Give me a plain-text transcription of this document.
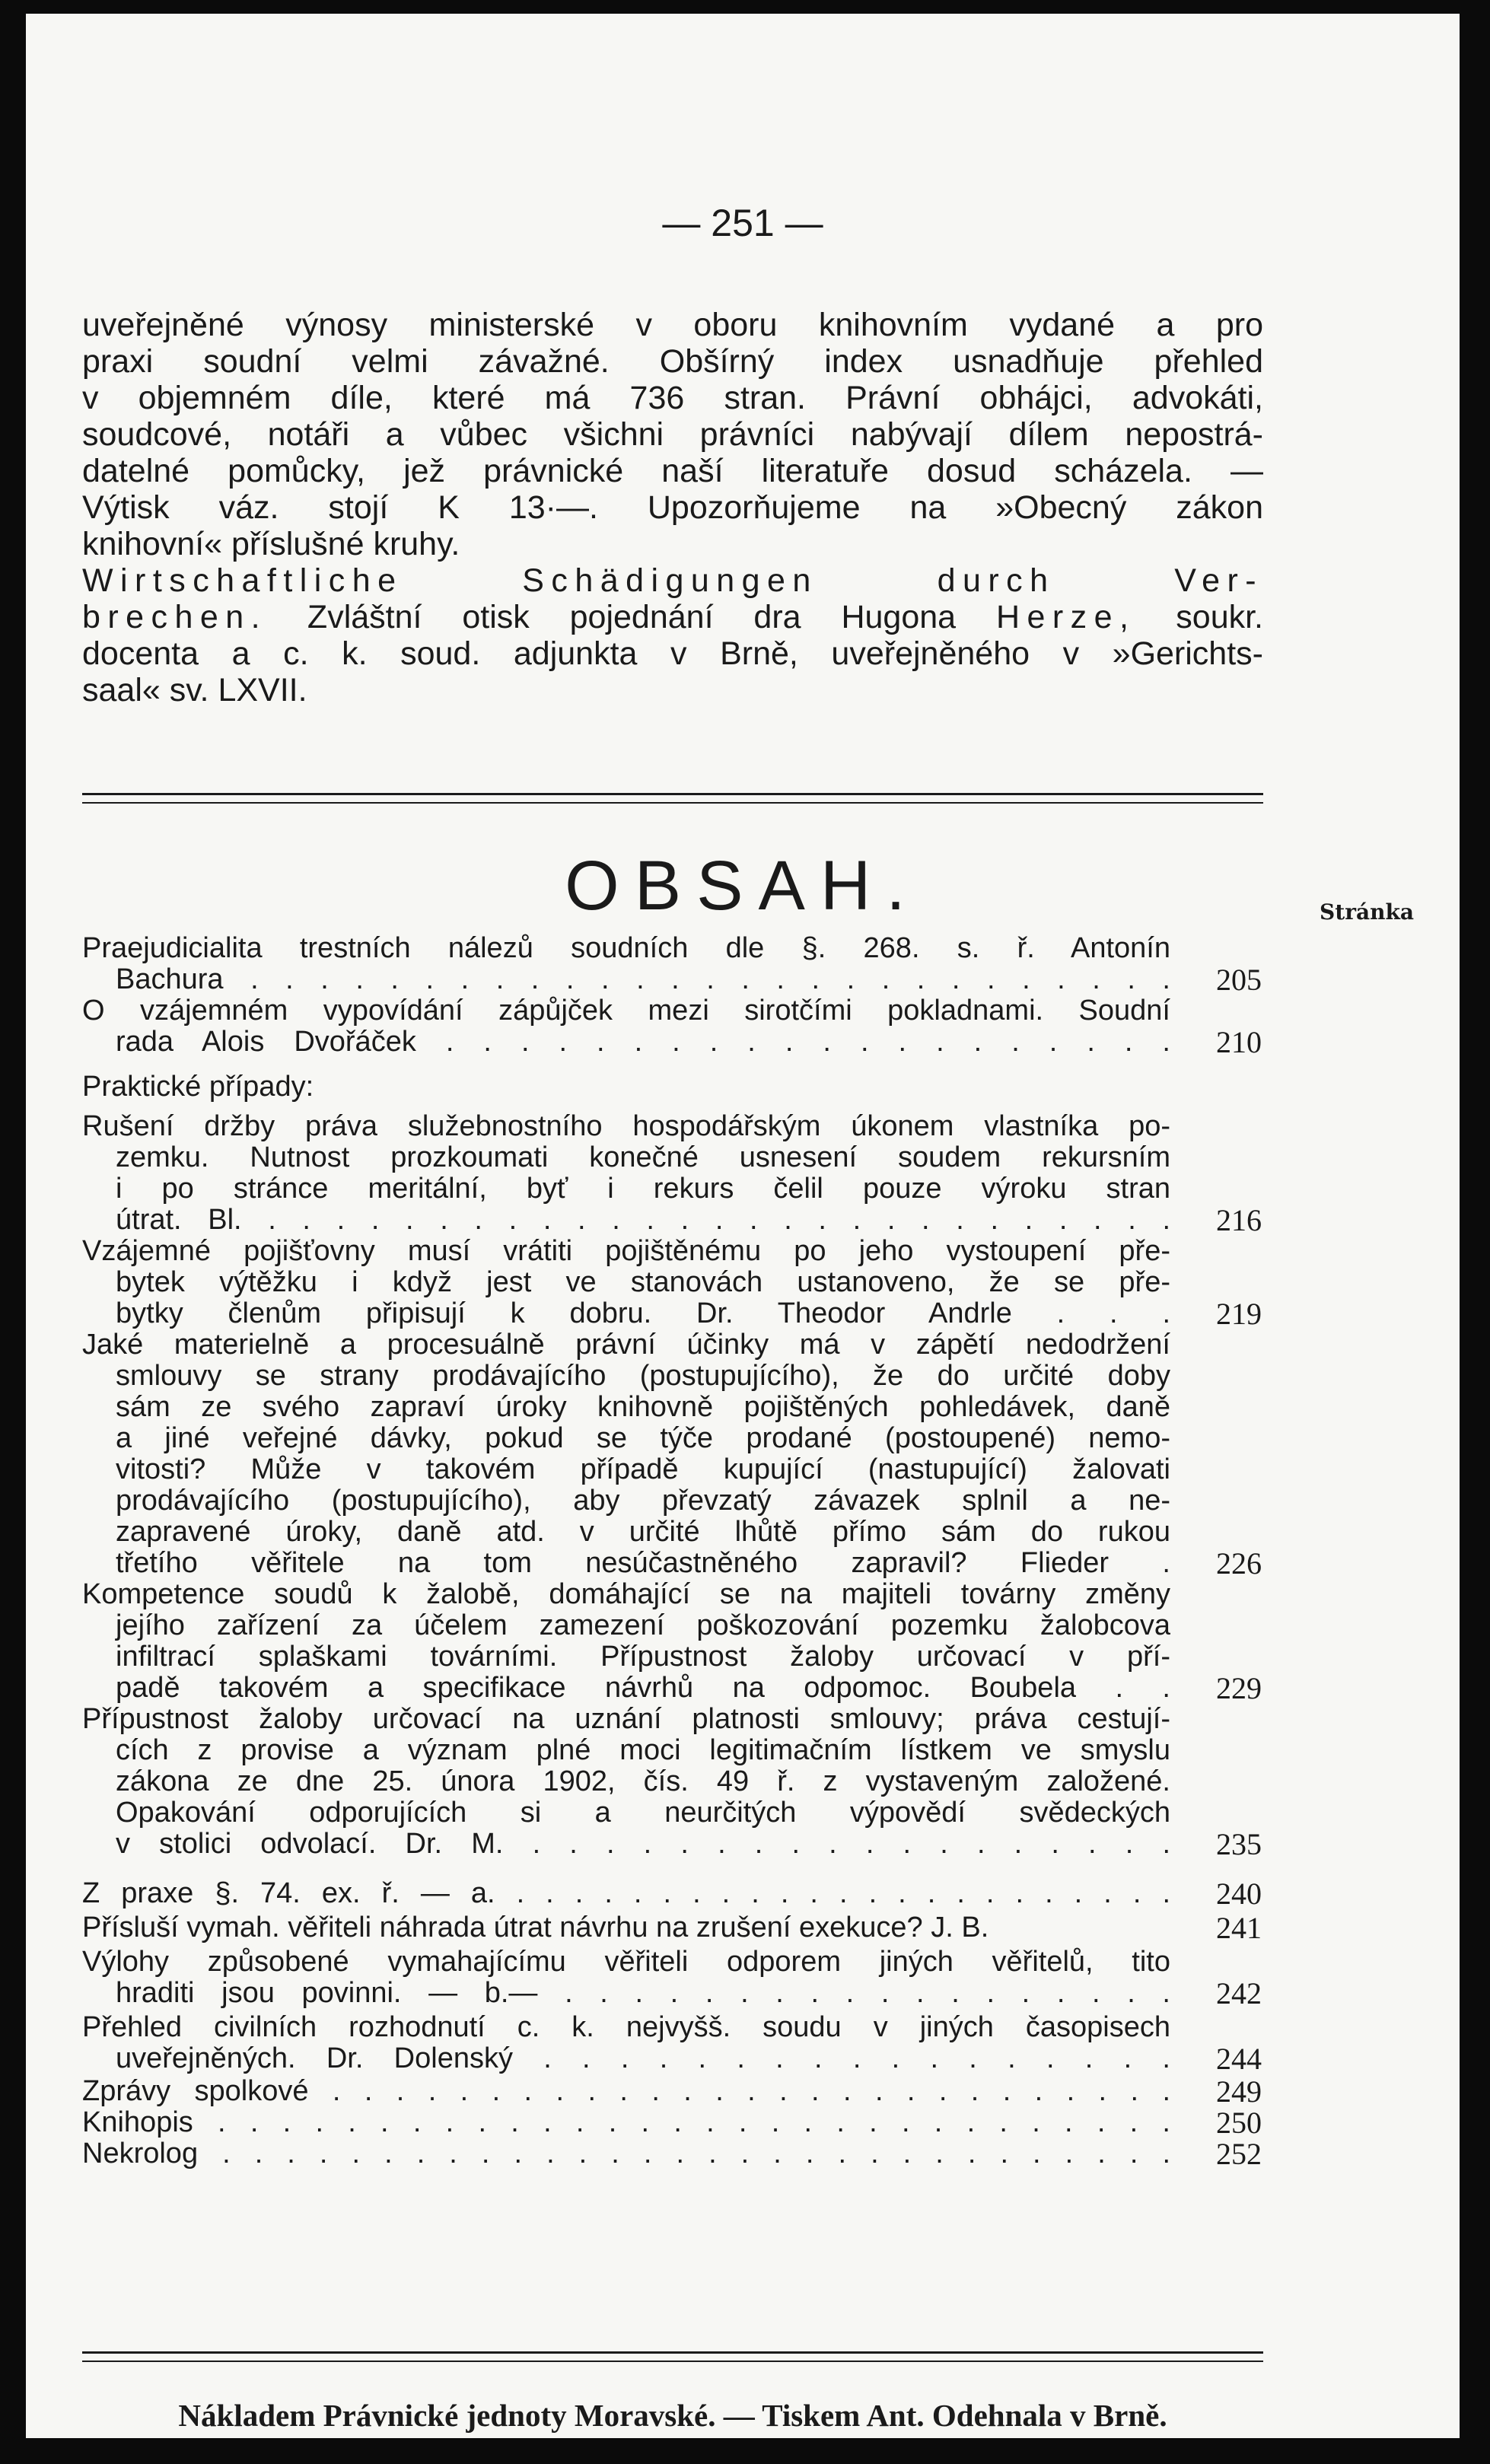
— 251 —
uveřejněné výnosy ministerské v oboru knihovním vydané a pro
praxi soudní velmi závažné. Obšírný index usnadňuje přehled
v objemném díle, které má 736 stran. Právní obhájci, advokáti,
soudcové, notáři a vůbec všichni právníci nabývají dílem nepostrá-
datelné pomůcky, jež právnické naší literatuře dosud scházela. —
Výtisk váz. stojí K 13·—. Upozorňujeme na »Obecný zákon
knihovní« příslušné kruhy.
Wirtschaftliche Schädigungen durch Ver-
brechen. Zvláštní otisk pojednání dra Hugona Herze, soukr.
docenta a c. k. soud. adjunkta v Brně, uveřejněného v »Gerichts-
saal« sv. LXVII.
OBSAH.	Stránka
Praejudicialita trestních nálezů soudních dle §. 268. s. ř. Antonín
Bachura . . . . . . . . . . . . . . . . . . . . . . . . . . .	205
O vzájemném vypovídání zápůjček mezi sirotčími pokladnami. Soudní
rada Alois Dvořáček . . . . . . . . . . . . . . . . . . . .	210
Praktické případy:
Rušení držby práva služebnostního hospodářským úkonem vlastníka po-
zemku. Nutnost prozkoumati konečné usnesení soudem rekursním
i po stránce meritální, byť i rekurs čelil pouze výroku stran
útrat. Bl. . . . . . . . . . . . . . . . . . . . . . . . . . . .	216
Vzájemné pojišťovny musí vrátiti pojištěnému po jeho vystoupení pře-
bytek výtěžku i když jest ve stanovách ustanoveno, že se pře-
bytky členům připisují k dobru. Dr. Theodor Andrle . . .	219
Jaké materielně a procesuálně právní účinky má v zápětí nedodržení
smlouvy se strany prodávajícího (postupujícího), že do určité doby
sám ze svého zapraví úroky knihovně pojištěných pohledávek, daně
a jiné veřejné dávky, pokud se týče prodané (postoupené) nemo-
vitosti? Může v takovém případě kupující (nastupující) žalovati
prodávajícího (postupujícího), aby převzatý závazek splnil a ne-
zapravené úroky, daně atd. v určité lhůtě přímo sám do rukou
třetího věřitele na tom nesúčastněného zapravil? Flieder .	226
Kompetence soudů k žalobě, domáhající se na majiteli továrny změny
jejího zařízení za účelem zamezení poškozování pozemku žalobcova
infiltrací splaškami továrními. Přípustnost žaloby určovací v pří-
padě takovém a specifikace návrhů na odpomoc. Boubela . .	229
Přípustnost žaloby určovací na uznání platnosti smlouvy; práva cestují-
cích z provise a význam plné moci legitimačním lístkem ve smyslu
zákona ze dne 25. února 1902, čís. 49 ř. z vystaveným založené.
Opakování odporujících si a neurčitých výpovědí svědeckých
v stolici odvolací. Dr. M. . . . . . . . . . . . . . . . . . .	235
Z praxe §. 74. ex. ř. — a. . . . . . . . . . . . . . . . . . . . . . . .	240
Přísluší vymah. věřiteli náhrada útrat návrhu na zrušení exekuce? J. B.	241
Výlohy způsobené vymahajícímu věřiteli odporem jiných věřitelů, tito
hraditi jsou povinni. — b.— . . . . . . . . . . . . . . . . . .	242
Přehled civilních rozhodnutí c. k. nejvyšš. soudu v jiných časopisech
uveřejněných. Dr. Dolenský . . . . . . . . . . . . . . . . .	244
Zprávy spolkové . . . . . . . . . . . . . . . . . . . . . . . . . . .	249
Knihopis . . . . . . . . . . . . . . . . . . . . . . . . . . . . . .	250
Nekrolog . . . . . . . . . . . . . . . . . . . . . . . . . . . . . .	252
Nákladem Právnické jednoty Moravské. — Tiskem Ant. Odehnala v Brně.
